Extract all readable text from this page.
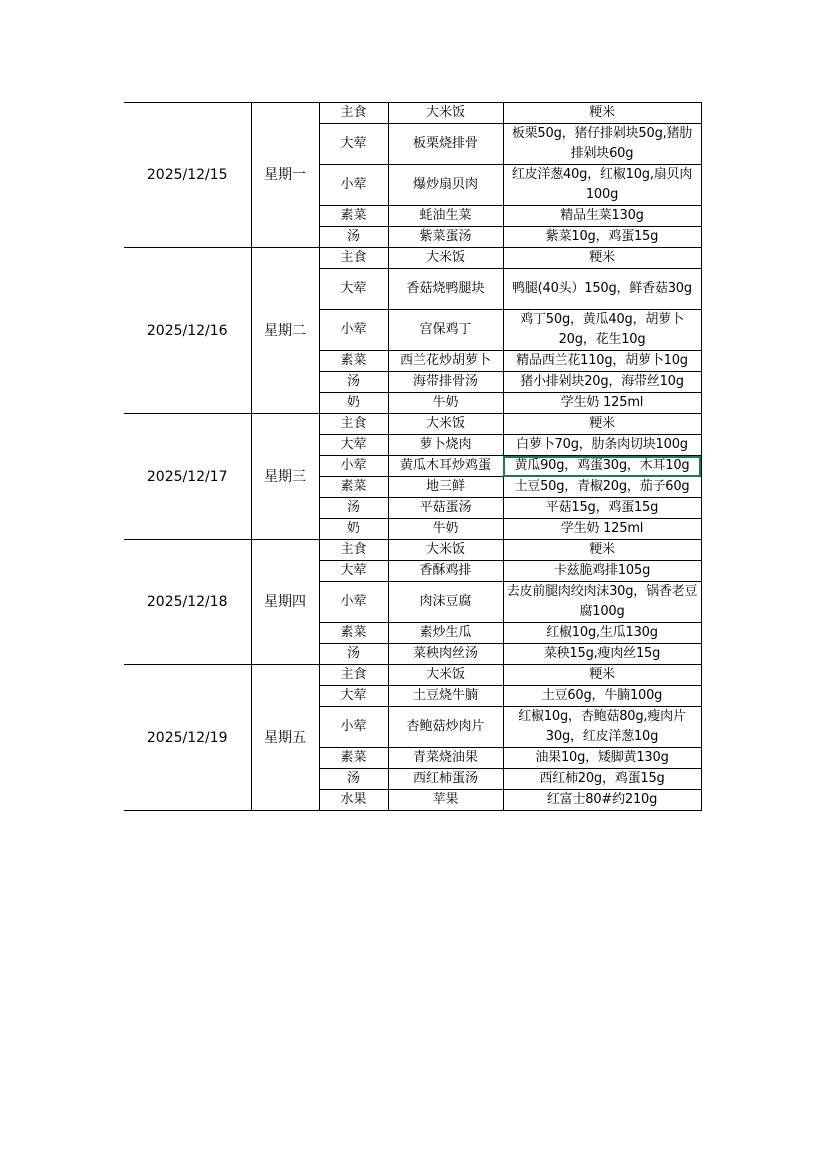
2025/12/15	星期一	主食	大米饭	粳米
		大荤	板栗烧排骨	板栗50g，猪仔排剁块50g,猪肋排剁块60g
		小荤	爆炒扇贝肉	红皮洋葱40g，红椒10g,扇贝肉100g
		素菜	蚝油生菜	精品生菜130g
		汤	紫菜蛋汤	紫菜10g，鸡蛋15g
2025/12/16	星期二	主食	大米饭	粳米
		大荤	香菇烧鸭腿块	鸭腿(40头）150g，鲜香菇30g
		小荤	宫保鸡丁	鸡丁50g，黄瓜40g，胡萝卜20g，花生10g
		素菜	西兰花炒胡萝卜	精品西兰花110g，胡萝卜10g
		汤	海带排骨汤	猪小排剁块20g，海带丝10g
		奶	牛奶	学生奶 125ml
2025/12/17	星期三	主食	大米饭	粳米
		大荤	萝卜烧肉	白萝卜70g，肋条肉切块100g
		小荤	黄瓜木耳炒鸡蛋	黄瓜90g，鸡蛋30g，木耳10g
		素菜	地三鲜	土豆50g，青椒20g，茄子60g
		汤	平菇蛋汤	平菇15g，鸡蛋15g
		奶	牛奶	学生奶 125ml
2025/12/18	星期四	主食	大米饭	粳米
		大荤	香酥鸡排	卡兹脆鸡排105g
		小荤	肉沫豆腐	去皮前腿肉绞肉沫30g，锅香老豆腐100g
		素菜	素炒生瓜	红椒10g,生瓜130g
		汤	菜秧肉丝汤	菜秧15g,瘦肉丝15g
2025/12/19	星期五	主食	大米饭	粳米
		大荤	土豆烧牛腩	土豆60g，牛腩100g
		小荤	杏鲍菇炒肉片	红椒10g，杏鲍菇80g,瘦肉片30g，红皮洋葱10g
		素菜	青菜烧油果	油果10g，矮脚黄130g
		汤	西红柿蛋汤	西红柿20g，鸡蛋15g
		水果	苹果	红富士80#约210g
